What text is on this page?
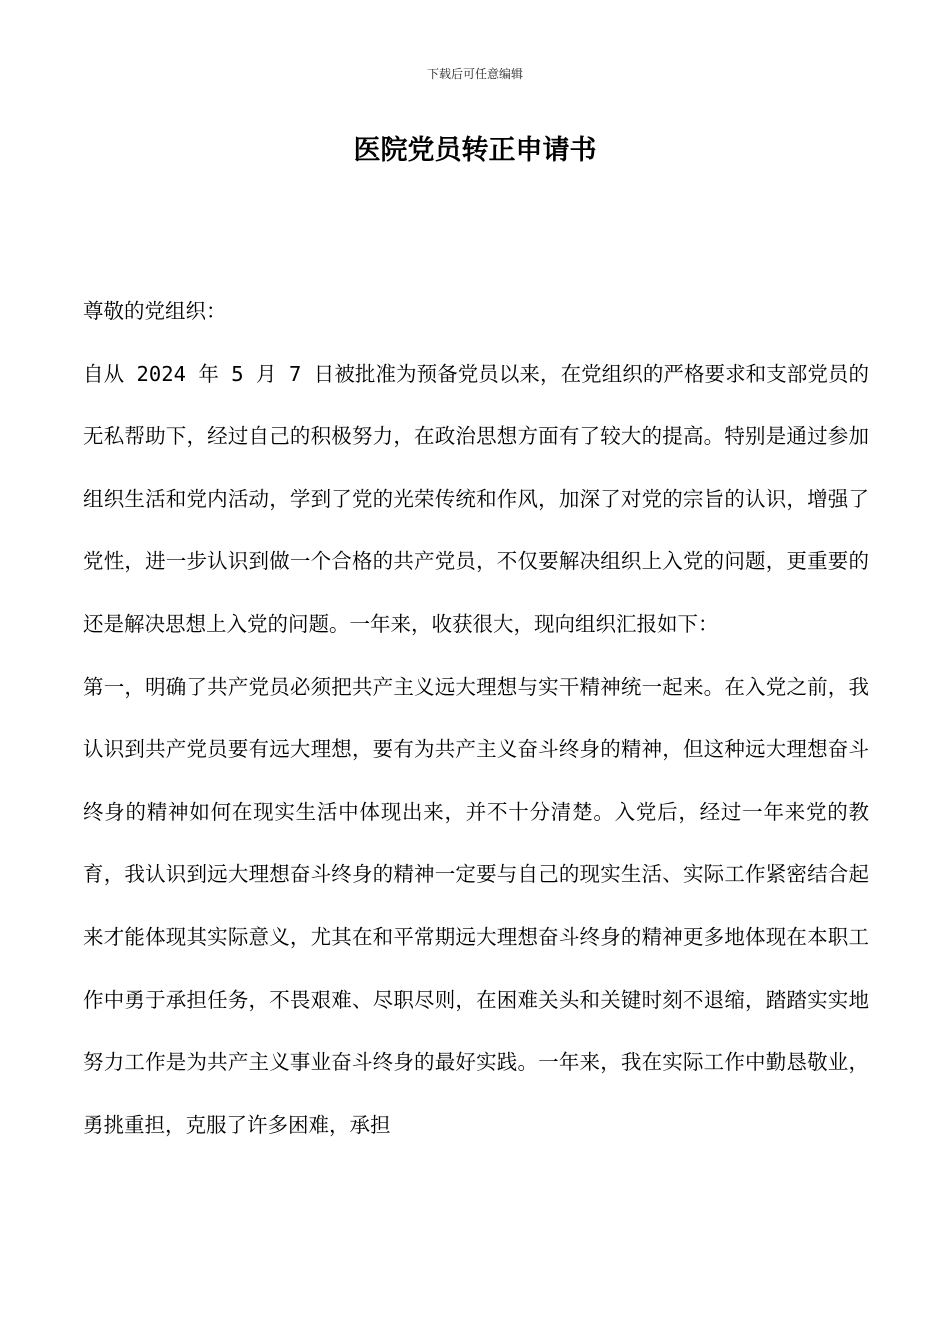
下载后可任意编辑
医院党员转正申请书

尊敬的党组织：

自从 2024 年 5 月 7 日被批准为预备党员以来，在党组织的严格要求和支部党员的无私帮助下，经过自己的积极努力，在政治思想方面有了较大的提高。特别是通过参加组织生活和党内活动，学到了党的光荣传统和作风，加深了对党的宗旨的认识，增强了党性，进一步认识到做一个合格的共产党员，不仅要解决组织上入党的问题，更重要的还是解决思想上入党的问题。一年来，收获很大，现向组织汇报如下：

第一，明确了共产党员必须把共产主义远大理想与实干精神统一起来。在入党之前，我认识到共产党员要有远大理想，要有为共产主义奋斗终身的精神，但这种远大理想奋斗终身的精神如何在现实生活中体现出来，并不十分清楚。入党后，经过一年来党的教育，我认识到远大理想奋斗终身的精神一定要与自己的现实生活、实际工作紧密结合起来才能体现其实际意义，尤其在和平常期远大理想奋斗终身的精神更多地体现在本职工作中勇于承担任务，不畏艰难、尽职尽则，在困难关头和关键时刻不退缩，踏踏实实地努力工作是为共产主义事业奋斗终身的最好实践。一年来，我在实际工作中勤恳敬业，勇挑重担，克服了许多困难，承担
